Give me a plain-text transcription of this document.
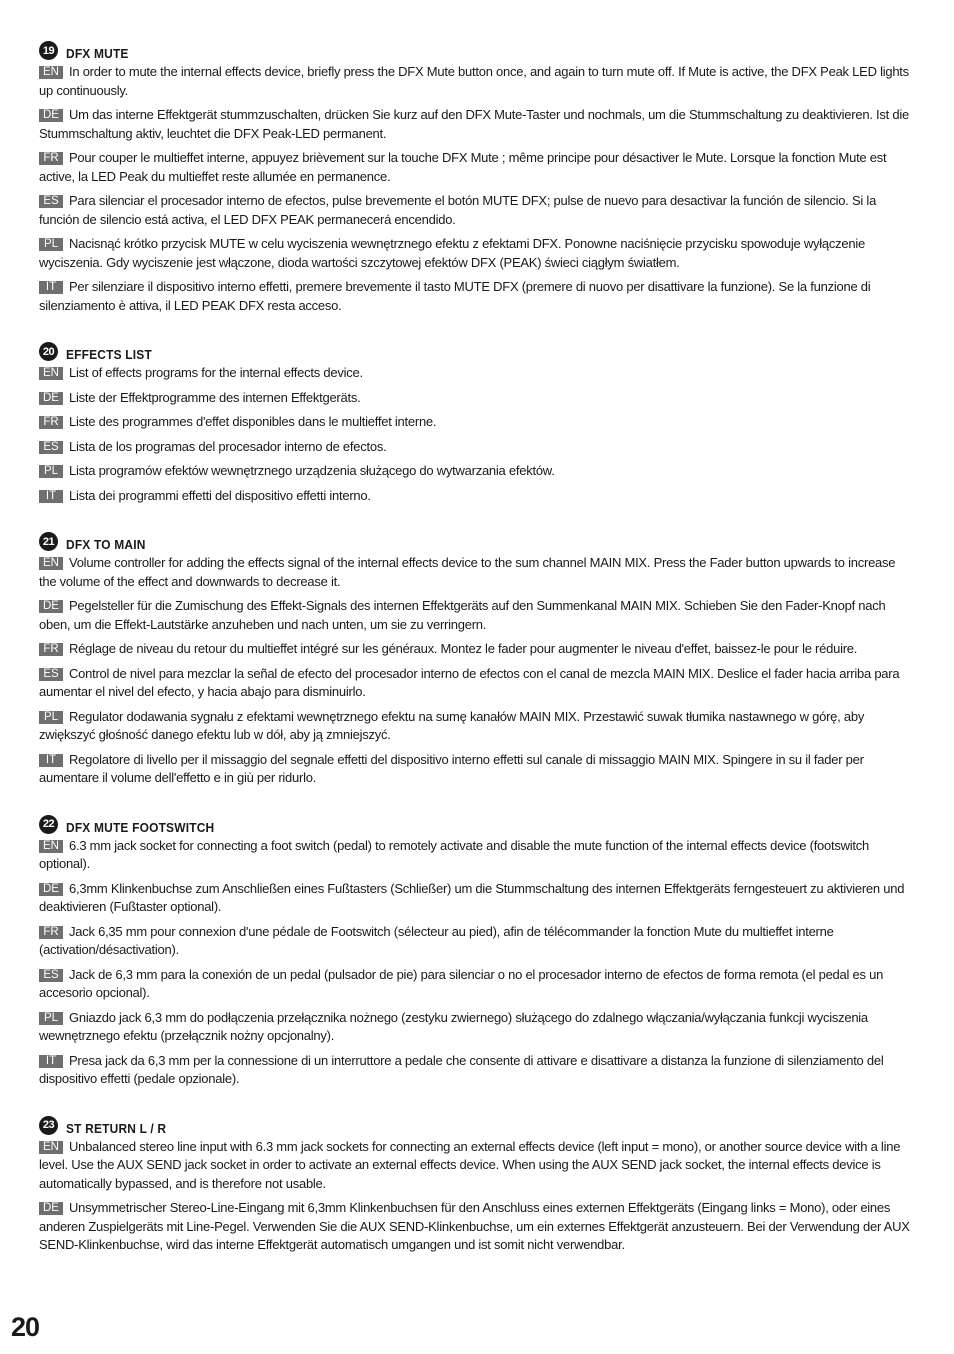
19 DFX MUTE

EN In order to mute the internal effects device, briefly press the DFX Mute button once, and again to turn mute off. If Mute is active, the DFX Peak LED lights up continuously.

DE Um das interne Effektgerät stummzuschalten, drücken Sie kurz auf den DFX Mute-Taster und nochmals, um die Stummschaltung zu deaktivieren. Ist die Stummschaltung aktiv, leuchtet die DFX Peak-LED permanent.

FR Pour couper le multieffet interne, appuyez brièvement sur la touche DFX Mute ; même principe pour désactiver le Mute. Lorsque la fonction Mute est active, la LED Peak du multieffet reste allumée en permanence.

ES Para silenciar el procesador interno de efectos, pulse brevemente el botón MUTE DFX; pulse de nuevo para desactivar la función de silencio. Si la función de silencio está activa, el LED DFX PEAK permanecerá encendido.

PL Nacisnąć krótko przycisk MUTE w celu wyciszenia wewnętrznego efektu z efektami DFX. Ponowne naciśnięcie przycisku spowoduje wyłączenie wyciszenia. Gdy wyciszenie jest włączone, dioda wartości szczytowej efektów DFX (PEAK) świeci ciągłym światłem.

IT Per silenziare il dispositivo interno effetti, premere brevemente il tasto MUTE DFX (premere di nuovo per disattivare la funzione). Se la funzione di silenziamento è attiva, il LED PEAK DFX resta acceso.

20 EFFECTS LIST

EN List of effects programs for the internal effects device.

DE Liste der Effektprogramme des internen Effektgeräts.

FR Liste des programmes d'effet disponibles dans le multieffet interne.

ES Lista de los programas del procesador interno de efectos.

PL Lista programów efektów wewnętrznego urządzenia służącego do wytwarzania efektów.

IT Lista dei programmi effetti del dispositivo effetti interno.

21 DFX TO MAIN

EN Volume controller for adding the effects signal of the internal effects device to the sum channel MAIN MIX. Press the Fader button upwards to increase the volume of the effect and downwards to decrease it.

DE Pegelsteller für die Zumischung des Effekt-Signals des internen Effektgeräts auf den Summenkanal MAIN MIX. Schieben Sie den Fader-Knopf nach oben, um die Effekt-Lautstärke anzuheben und nach unten, um sie zu verringern.

FR Réglage de niveau du retour du multieffet intégré sur les généraux. Montez le fader pour augmenter le niveau d'effet, baissez-le pour le réduire.

ES Control de nivel para mezclar la señal de efecto del procesador interno de efectos con el canal de mezcla MAIN MIX. Deslice el fader hacia arriba para aumentar el nivel del efecto, y hacia abajo para disminuirlo.

PL Regulator dodawania sygnału z efektami wewnętrznego efektu na sumę kanałów MAIN MIX. Przestawić suwak tłumika nastawnego w górę, aby zwiększyć głośność danego efektu lub w dół, aby ją zmniejszyć.

IT Regolatore di livello per il missaggio del segnale effetti del dispositivo interno effetti sul canale di missaggio MAIN MIX. Spingere in su il fader per aumentare il volume dell'effetto e in giù per ridurlo.

22 DFX MUTE FOOTSWITCH

EN 6.3 mm jack socket for connecting a foot switch (pedal) to remotely activate and disable the mute function of the internal effects device (footswitch optional).

DE 6,3mm Klinkenbuchse zum Anschließen eines Fußtasters (Schließer) um die Stummschaltung des internen Effektgeräts ferngesteuert zu aktivieren und deaktivieren (Fußtaster optional).

FR Jack 6,35 mm pour connexion d'une pédale de Footswitch (sélecteur au pied), afin de télécommander la fonction Mute du multieffet interne (activation/désactivation).

ES Jack de 6,3 mm para la conexión de un pedal (pulsador de pie) para silenciar o no el procesador interno de efectos de forma remota (el pedal es un accesorio opcional).

PL Gniazdo jack 6,3 mm do podłączenia przełącznika nożnego (zestyku zwiernego) służącego do zdalnego włączania/wyłączania funkcji wyciszenia wewnętrznego efektu (przełącznik nożny opcjonalny).

IT Presa jack da 6,3 mm per la connessione di un interruttore a pedale che consente di attivare e disattivare a distanza la funzione di silenziamento del dispositivo effetti (pedale opzionale).

23 ST RETURN L / R

EN Unbalanced stereo line input with 6.3 mm jack sockets for connecting an external effects device (left input = mono), or another source device with a line level. Use the AUX SEND jack socket in order to activate an external effects device. When using the AUX SEND jack socket, the internal effects device is automatically bypassed, and is therefore not usable.

DE Unsymmetrischer Stereo-Line-Eingang mit 6,3mm Klinkenbuchsen für den Anschluss eines externen Effektgeräts (Eingang links = Mono), oder eines anderen Zuspielgeräts mit Line-Pegel. Verwenden Sie die AUX SEND-Klinkenbuchse, um ein externes Effektgerät anzusteuern. Bei der Verwendung der AUX SEND-Klinkenbuchse, wird das interne Effektgerät automatisch umgangen und ist somit nicht verwendbar.

20
